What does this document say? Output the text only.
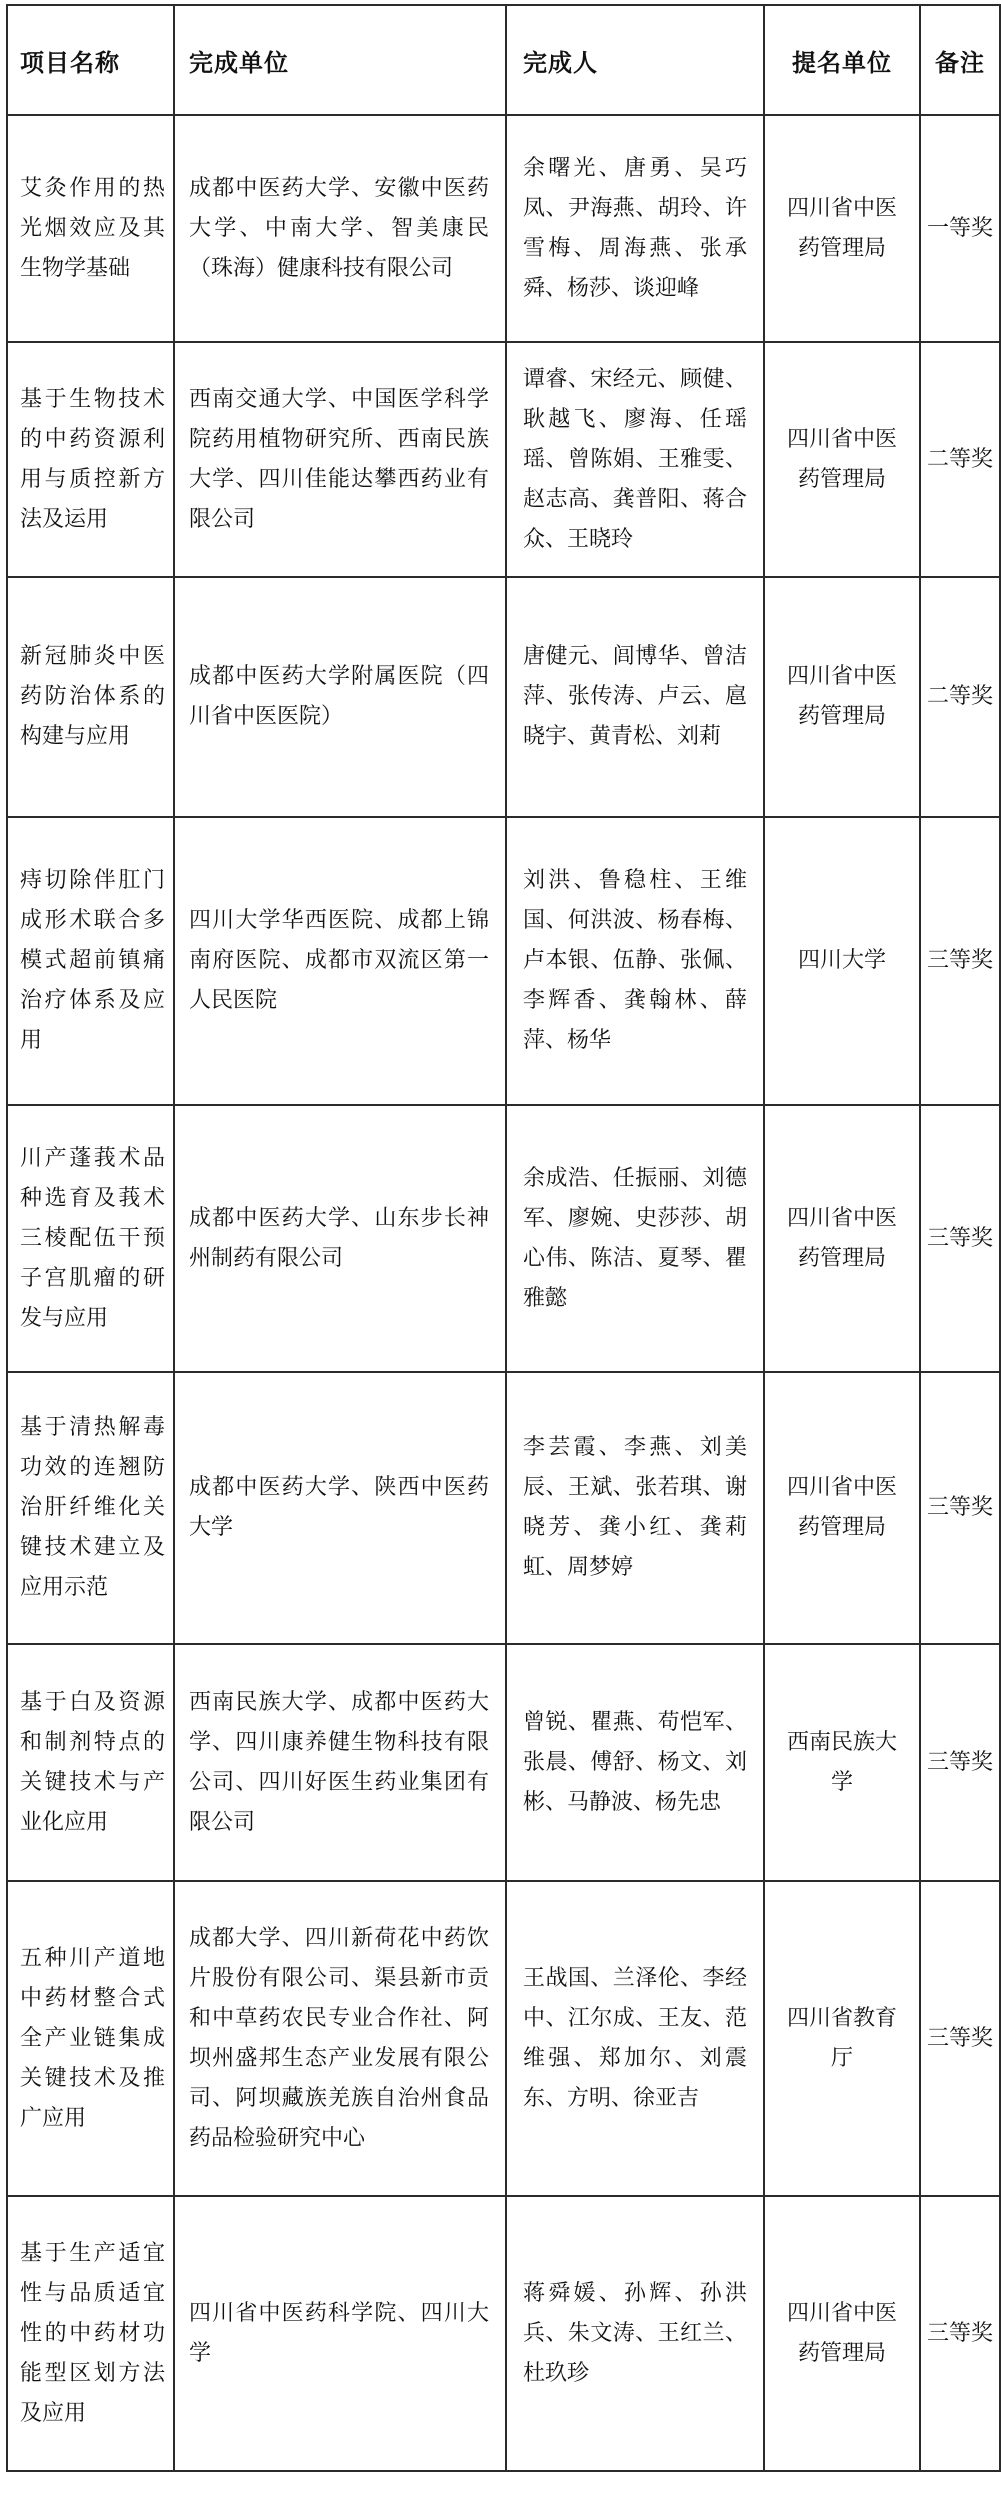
项目名称	完成单位	完成人	提名单位	备注
艾灸作用的热光烟效应及其生物学基础	成都中医药大学、安徽中医药大学、中南大学、智美康民（珠海）健康科技有限公司	余曙光、唐勇、吴巧凤、尹海燕、胡玲、许雪梅、周海燕、张承舜、杨莎、谈迎峰	四川省中医药管理局	一等奖
基于生物技术的中药资源利用与质控新方法及运用	西南交通大学、中国医学科学院药用植物研究所、西南民族大学、四川佳能达攀西药业有限公司	谭睿、宋经元、顾健、耿越飞、廖海、任瑶瑶、曾陈娟、王雅雯、赵志高、龚普阳、蒋合众、王晓玲	四川省中医药管理局	二等奖
新冠肺炎中医药防治体系的构建与应用	成都中医药大学附属医院（四川省中医医院）	唐健元、闾博华、曾洁萍、张传涛、卢云、扈晓宇、黄青松、刘莉	四川省中医药管理局	二等奖
痔切除伴肛门成形术联合多模式超前镇痛治疗体系及应用	四川大学华西医院、成都上锦南府医院、成都市双流区第一人民医院	刘洪、鲁稳柱、王维国、何洪波、杨春梅、卢本银、伍静、张佩、李辉香、龚翰林、薛萍、杨华	四川大学	三等奖
川产蓬莪术品种选育及莪术三棱配伍干预子宫肌瘤的研发与应用	成都中医药大学、山东步长神州制药有限公司	余成浩、任振丽、刘德军、廖婉、史莎莎、胡心伟、陈洁、夏琴、瞿雅懿	四川省中医药管理局	三等奖
基于清热解毒功效的连翘防治肝纤维化关键技术建立及应用示范	成都中医药大学、陕西中医药大学	李芸霞、李燕、刘美辰、王斌、张若琪、谢晓芳、龚小红、龚莉虹、周梦婷	四川省中医药管理局	三等奖
基于白及资源和制剂特点的关键技术与产业化应用	西南民族大学、成都中医药大学、四川康养健生物科技有限公司、四川好医生药业集团有限公司	曾锐、瞿燕、苟恺军、张晨、傅舒、杨文、刘彬、马静波、杨先忠	西南民族大学	三等奖
五种川产道地中药材整合式全产业链集成关键技术及推广应用	成都大学、四川新荷花中药饮片股份有限公司、渠县新市贡和中草药农民专业合作社、阿坝州盛邦生态产业发展有限公司、阿坝藏族羌族自治州食品药品检验研究中心	王战国、兰泽伦、李经中、江尔成、王友、范维强、郑加尔、刘震东、方明、徐亚吉	四川省教育厅	三等奖
基于生产适宜性与品质适宜性的中药材功能型区划方法及应用	四川省中医药科学院、四川大学	蒋舜媛、孙辉、孙洪兵、朱文涛、王红兰、杜玖珍	四川省中医药管理局	三等奖
